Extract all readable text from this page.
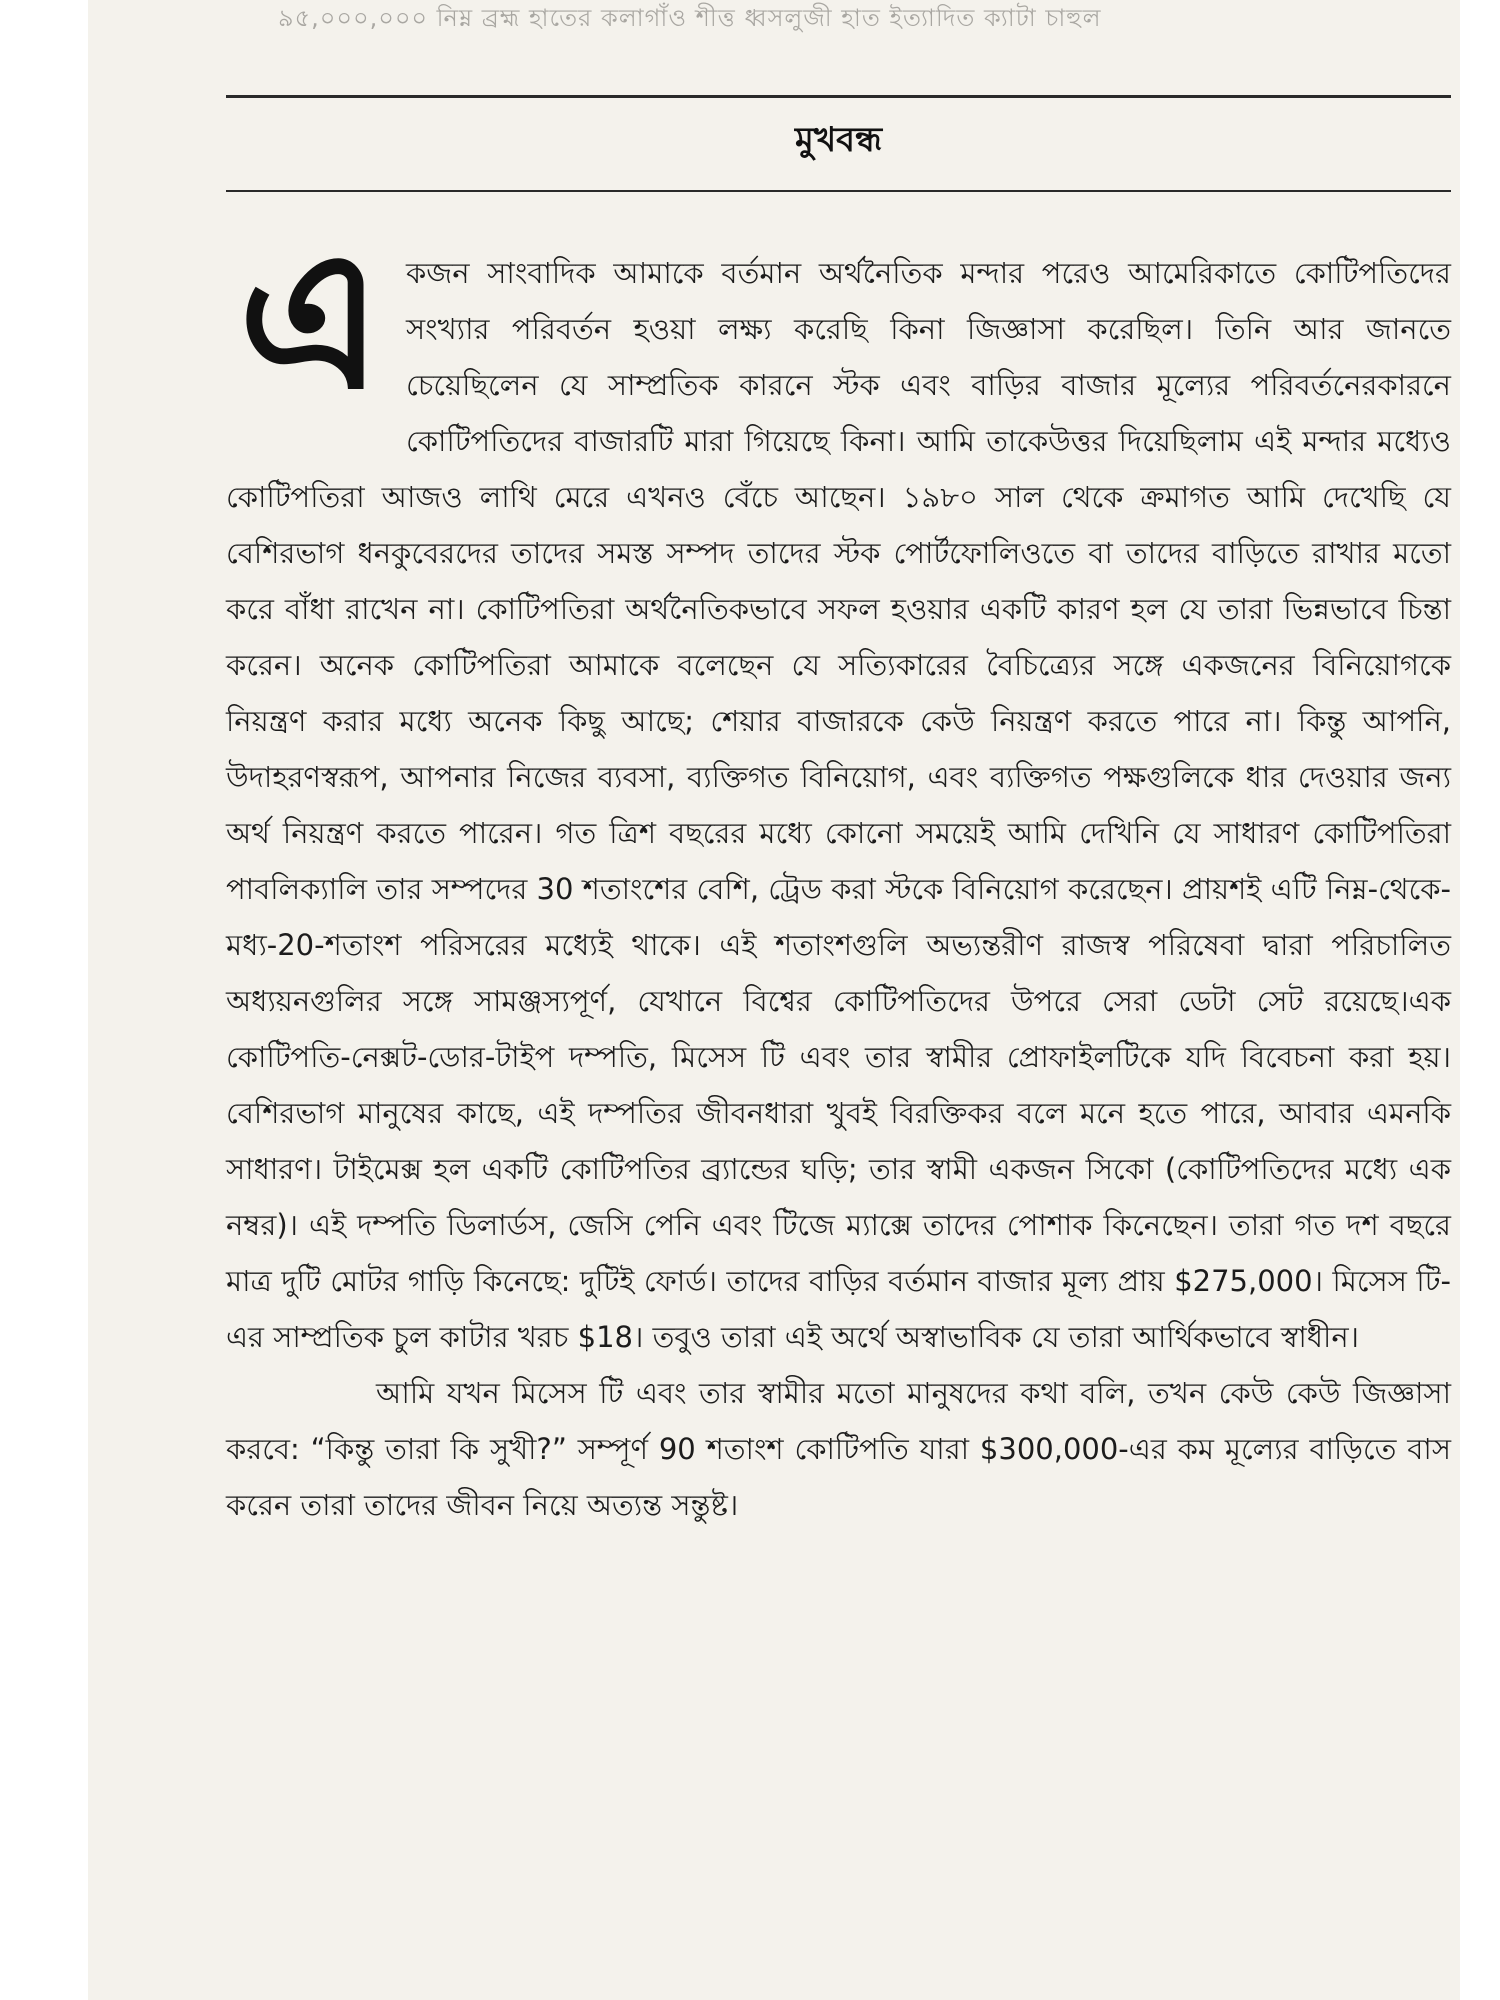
৯৫,০০০,০০০ নিম্ন ব্রহ্ম হাতের কলাগাঁও শীত্ত ধ্বসলুজী হাত ইত্যাদিত ক্যাটা চাহুল
মুখবন্ধ
এ কজন সাংবাদিক আমাকে বর্তমান অর্থনৈতিক মন্দার পরেও আমেরিকাতে কোটিপতিদের সংখ্যার পরিবর্তন হওয়া লক্ষ্য করেছি কিনা জিজ্ঞাসা করেছিল। তিনি আর জানতে চেয়েছিলেন যে সাম্প্রতিক কারনে স্টক এবং বাড়ির বাজার মূল্যের পরিবর্তনেরকারনে কোটিপতিদের বাজারটি মারা গিয়েছে কিনা। আমি তাকেউত্তর দিয়েছিলাম এই মন্দার মধ্যেও কোটিপতিরা আজও লাথি মেরে এখনও বেঁচে আছেন। ১৯৮০ সাল থেকে ক্রমাগত আমি দেখেছি যে বেশিরভাগ ধনকুবেরদের তাদের সমস্ত সম্পদ তাদের স্টক পোর্টফোলিওতে বা তাদের বাড়িতে রাখার মতো করে বাঁধা রাখেন না। কোটিপতিরা অর্থনৈতিকভাবে সফল হওয়ার একটি কারণ হল যে তারা ভিন্নভাবে চিন্তা করেন। অনেক কোটিপতিরা আমাকে বলেছেন যে সত্যিকারের বৈচিত্র্যের সঙ্গে একজনের বিনিয়োগকে নিয়ন্ত্রণ করার মধ্যে অনেক কিছু আছে; শেয়ার বাজারকে কেউ নিয়ন্ত্রণ করতে পারে না। কিন্তু আপনি, উদাহরণস্বরূপ, আপনার নিজের ব্যবসা, ব্যক্তিগত বিনিয়োগ, এবং ব্যক্তিগত পক্ষগুলিকে ধার দেওয়ার জন্য অর্থ নিয়ন্ত্রণ করতে পারেন। গত ত্রিশ বছরের মধ্যে কোনো সময়েই আমি দেখিনি যে সাধারণ কোটিপতিরা পাবলিক্যালি তার সম্পদের 30 শতাংশের বেশি, ট্রেড করা স্টকে বিনিয়োগ করেছেন। প্রায়শই এটি নিম্ন-থেকে-মধ্য-20-শতাংশ পরিসরের মধ্যেই থাকে। এই শতাংশগুলি অভ্যন্তরীণ রাজস্ব পরিষেবা দ্বারা পরিচালিত অধ্যয়নগুলির সঙ্গে সামঞ্জস্যপূর্ণ, যেখানে বিশ্বের কোটিপতিদের উপরে সেরা ডেটা সেট রয়েছে।এক কোটিপতি-নেক্সট-ডোর-টাইপ দম্পতি, মিসেস টি এবং তার স্বামীর প্রোফাইলটিকে যদি বিবেচনা করা হয়। বেশিরভাগ মানুষের কাছে, এই দম্পতির জীবনধারা খুবই বিরক্তিকর বলে মনে হতে পারে, আবার এমনকি সাধারণ। টাইমেক্স হল একটি কোটিপতির ব্র্যান্ডের ঘড়ি; তার স্বামী একজন সিকো (কোটিপতিদের মধ্যে এক নম্বর)। এই দম্পতি ডিলার্ডস, জেসি পেনি এবং টিজে ম্যাক্সে তাদের পোশাক কিনেছেন। তারা গত দশ বছরে মাত্র দুটি মোটর গাড়ি কিনেছে: দুটিই ফোর্ড। তাদের বাড়ির বর্তমান বাজার মূল্য প্রায় $275,000। মিসেস টি-এর সাম্প্রতিক চুল কাটার খরচ $18। তবুও তারা এই অর্থে অস্বাভাবিক যে তারা আর্থিকভাবে স্বাধীন।

আমি যখন মিসেস টি এবং তার স্বামীর মতো মানুষদের কথা বলি, তখন কেউ কেউ জিজ্ঞাসা করবে: “কিন্তু তারা কি সুখী?” সম্পূর্ণ 90 শতাংশ কোটিপতি যারা $300,000-এর কম মূল্যের বাড়িতে বাস করেন তারা তাদের জীবন নিয়ে অত্যন্ত সন্তুষ্ট।
